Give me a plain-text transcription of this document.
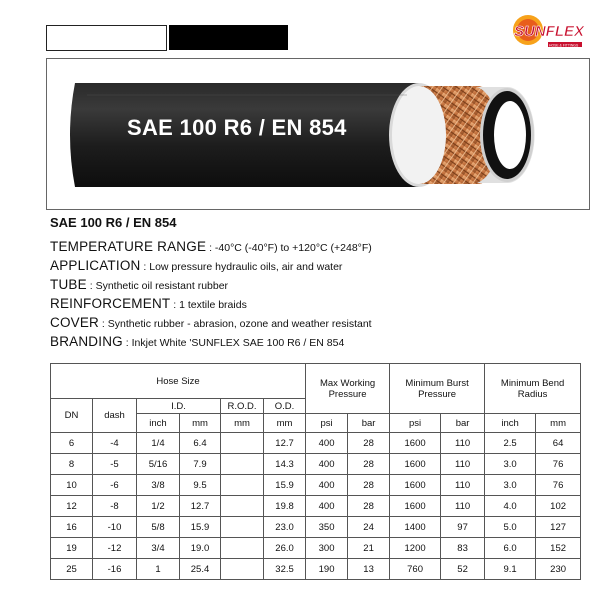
SUNFLEX
HOSE & FITTINGS
SAE 100 R6 / EN 854
SAE 100 R6 / EN 854
TEMPERATURE RANGE : -40°C (-40°F) to +120°C (+248°F)
APPLICATION : Low pressure hydraulic oils, air and water
TUBE : Synthetic oil resistant rubber
REINFORCEMENT : 1 textile braids
COVER : Synthetic rubber - abrasion, ozone and weather resistant
BRANDING : Inkjet White 'SUNFLEX SAE 100 R6 / EN 854
Hose Size						Max Working Pressure		Minimum Burst Pressure		Minimum Bend Radius	
DN	dash	I.D.		R.O.D.	O.D.						
		inch	mm	mm	mm	psi	bar	psi	bar	inch	mm
6	-4	1/4	6.4		12.7	400	28	1600	110	2.5	64
8	-5	5/16	7.9		14.3	400	28	1600	110	3.0	76
10	-6	3/8	9.5		15.9	400	28	1600	110	3.0	76
12	-8	1/2	12.7		19.8	400	28	1600	110	4.0	102
16	-10	5/8	15.9		23.0	350	24	1400	97	5.0	127
19	-12	3/4	19.0		26.0	300	21	1200	83	6.0	152
25	-16	1	25.4		32.5	190	13	760	52	9.1	230
